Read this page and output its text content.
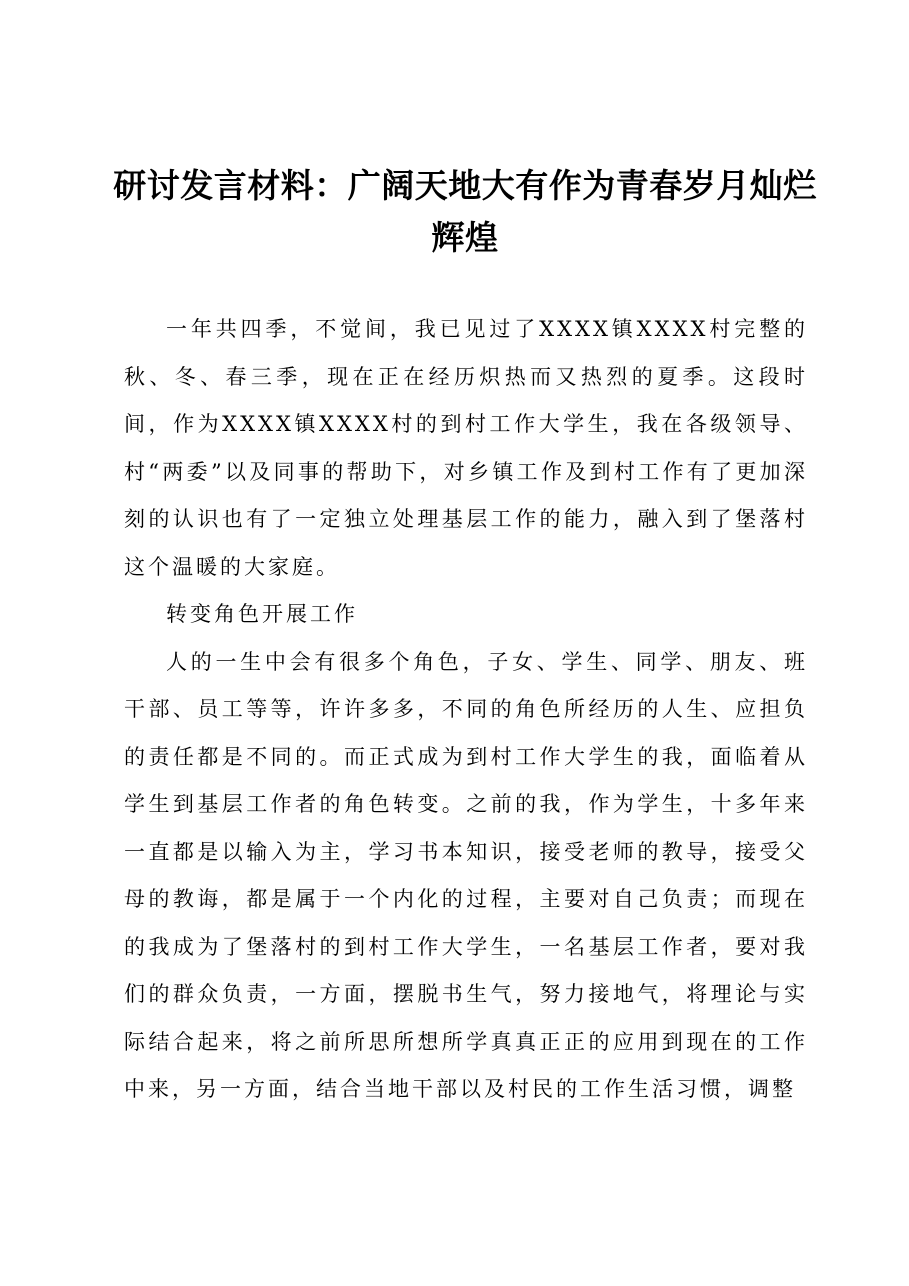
研讨发言材料：广阔天地大有作为青春岁月灿烂辉煌

一年共四季，不觉间，我已见过了XXXX镇XXXX村完整的秋、冬、春三季，现在正在经历炽热而又热烈的夏季。这段时间，作为XXXX镇XXXX村的到村工作大学生，我在各级领导、村“两委”以及同事的帮助下，对乡镇工作及到村工作有了更加深刻的认识也有了一定独立处理基层工作的能力，融入到了堡落村这个温暖的大家庭。

转变角色开展工作

人的一生中会有很多个角色，子女、学生、同学、朋友、班干部、员工等等，许许多多，不同的角色所经历的人生、应担负的责任都是不同的。而正式成为到村工作大学生的我，面临着从学生到基层工作者的角色转变。之前的我，作为学生，十多年来一直都是以输入为主，学习书本知识，接受老师的教导，接受父母的教诲，都是属于一个内化的过程，主要对自己负责；而现在的我成为了堡落村的到村工作大学生，一名基层工作者，要对我们的群众负责，一方面，摆脱书生气，努力接地气，将理论与实际结合起来，将之前所思所想所学真真正正的应用到现在的工作中来，另一方面，结合当地干部以及村民的工作生活习惯，调整
